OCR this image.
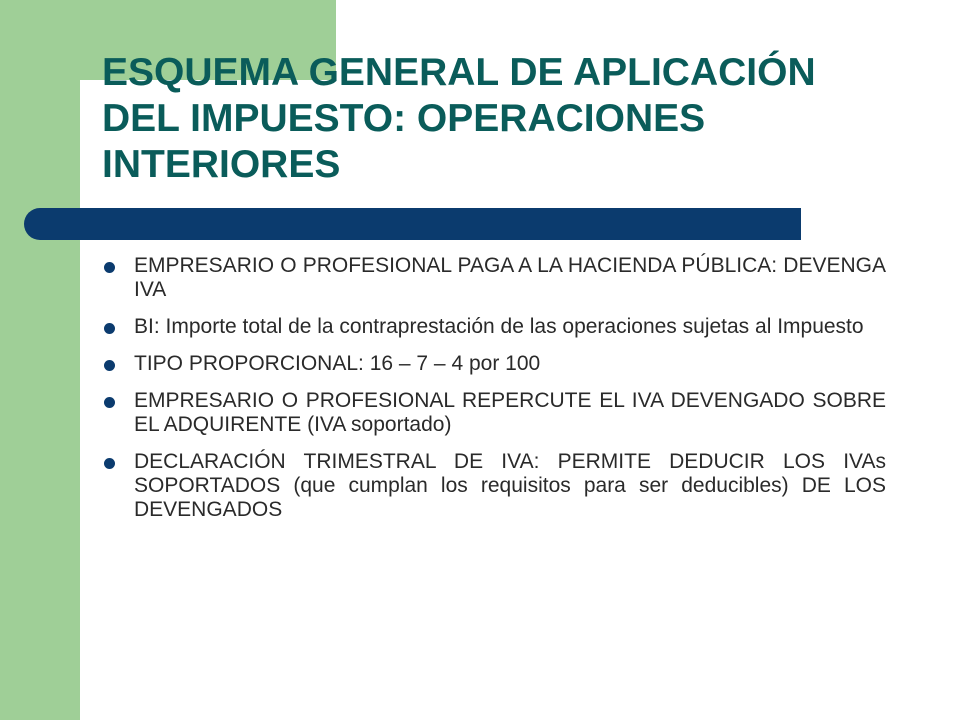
ESQUEMA GENERAL DE APLICACIÓN DEL IMPUESTO: OPERACIONES INTERIORES
EMPRESARIO O PROFESIONAL PAGA A LA HACIENDA PÚBLICA: DEVENGA IVA
BI: Importe total de la contraprestación de las operaciones sujetas al Impuesto
TIPO PROPORCIONAL: 16 – 7 – 4 por 100
EMPRESARIO O PROFESIONAL REPERCUTE EL IVA DEVENGADO SOBRE EL ADQUIRENTE (IVA soportado)
DECLARACIÓN TRIMESTRAL DE IVA: PERMITE DEDUCIR LOS IVAs SOPORTADOS (que cumplan los requisitos para ser deducibles) DE LOS DEVENGADOS
